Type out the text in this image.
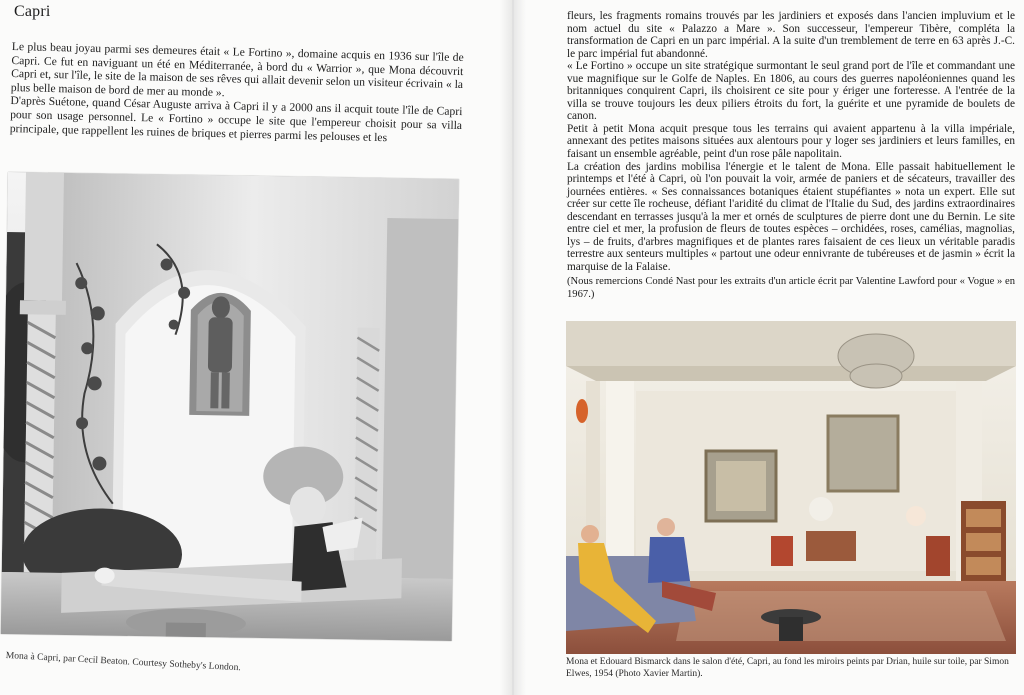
Capri

Le plus beau joyau parmi ses demeures était « Le Fortino », domaine acquis en 1936 sur l'île de Capri. Ce fut en naviguant un été en Méditerranée, à bord du « Warrior », que Mona découvrit Capri et, sur l'île, le site de la maison de ses rêves qui allait devenir selon un visiteur écrivain « la plus belle maison de bord de mer au monde ».

D'après Suétone, quand César Auguste arriva à Capri il y a 2000 ans il acquit toute l'île de Capri pour son usage personnel. Le « Fortino » occupe le site que l'empereur choisit pour sa villa principale, que rappellent les ruines de briques et pierres parmi les pelouses et les

Mona à Capri, par Cecil Beaton. Courtesy Sotheby's London.

fleurs, les fragments romains trouvés par les jardiniers et exposés dans l'ancien impluvium et le nom actuel du site « Palazzo a Mare ». Son successeur, l'empereur Tibère, compléta la transformation de Capri en un parc impérial. A la suite d'un tremblement de terre en 63 après J.-C. le parc impérial fut abandonné.

« Le Fortino » occupe un site stratégique surmontant le seul grand port de l'île et commandant une vue magnifique sur le Golfe de Naples. En 1806, au cours des guerres napoléoniennes quand les britanniques conquirent Capri, ils choisirent ce site pour y ériger une forteresse. A l'entrée de la villa se trouve toujours les deux piliers étroits du fort, la guérite et une pyramide de boulets de canon.

Petit à petit Mona acquit presque tous les terrains qui avaient appartenu à la villa impériale, annexant des petites maisons situées aux alentours pour y loger ses jardiniers et leurs familles, en faisant un ensemble agréable, peint d'un rose pâle napolitain.

La création des jardins mobilisa l'énergie et le talent de Mona. Elle passait habituellement le printemps et l'été à Capri, où l'on pouvait la voir, armée de paniers et de sécateurs, travailler des journées entières. « Ses connaissances botaniques étaient stupéfiantes » nota un expert. Elle sut créer sur cette île rocheuse, défiant l'aridité du climat de l'Italie du Sud, des jardins extraordinaires descendant en terrasses jusqu'à la mer et ornés de sculptures de pierre dont une du Bernin. Le site entre ciel et mer, la profusion de fleurs de toutes espèces – orchidées, roses, camélias, magnolias, lys – de fruits, d'arbres magnifiques et de plantes rares faisaient de ces lieux un véritable paradis terrestre aux senteurs multiples « partout une odeur ennivrante de tubéreuses et de jasmin » écrit la marquise de la Falaise.

(Nous remercions Condé Nast pour les extraits d'un article écrit par Valentine Lawford pour « Vogue » en 1967.)

Mona et Edouard Bismarck dans le salon d'été, Capri, au fond les miroirs peints par Drian, huile sur toile, par Simon Elwes, 1954 (Photo Xavier Martin).
